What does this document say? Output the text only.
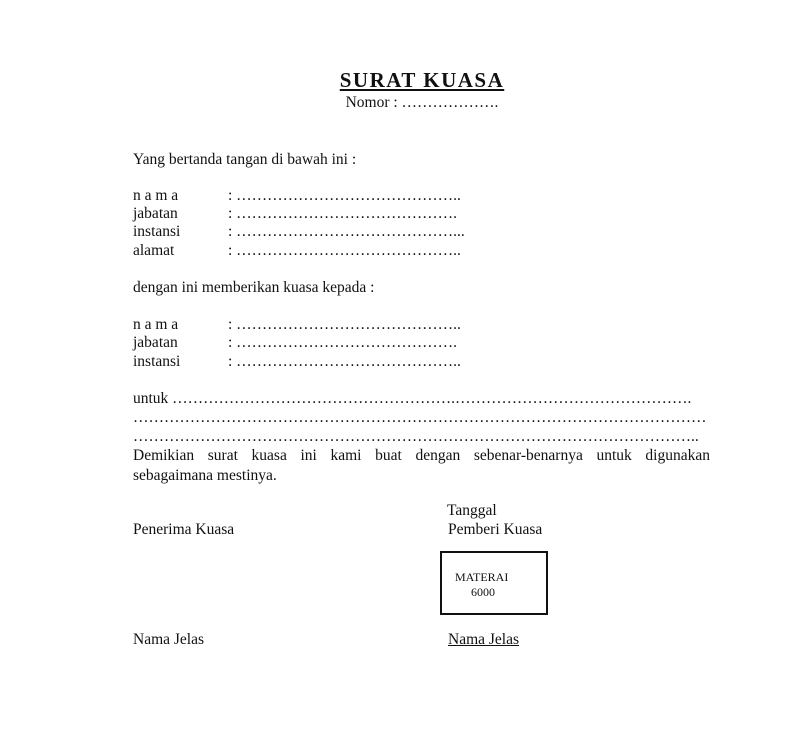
SURAT KUASA
Nomor : ……………….
Yang bertanda tangan di bawah ini :
n a m a	: ……………………………………..
jabatan	: …………………………………….
instansi	: ……………………………………...
alamat	: ……………………………………..
dengan ini memberikan kuasa kepada :
n a m a	: ……………………………………..
jabatan	: …………………………………….
instansi	: ……………………………………..
untuk ……………………………………………….……………………………………….
…………………………………………………………………………………………………
………………………………………………………………………………………………..
Demikian surat kuasa ini kami buat dengan sebenar-benarnya untuk digunakan
sebagaimana mestinya.
Tanggal
Penerima Kuasa	Pemberi Kuasa
MATERAI
6000
Nama Jelas	Nama Jelas
